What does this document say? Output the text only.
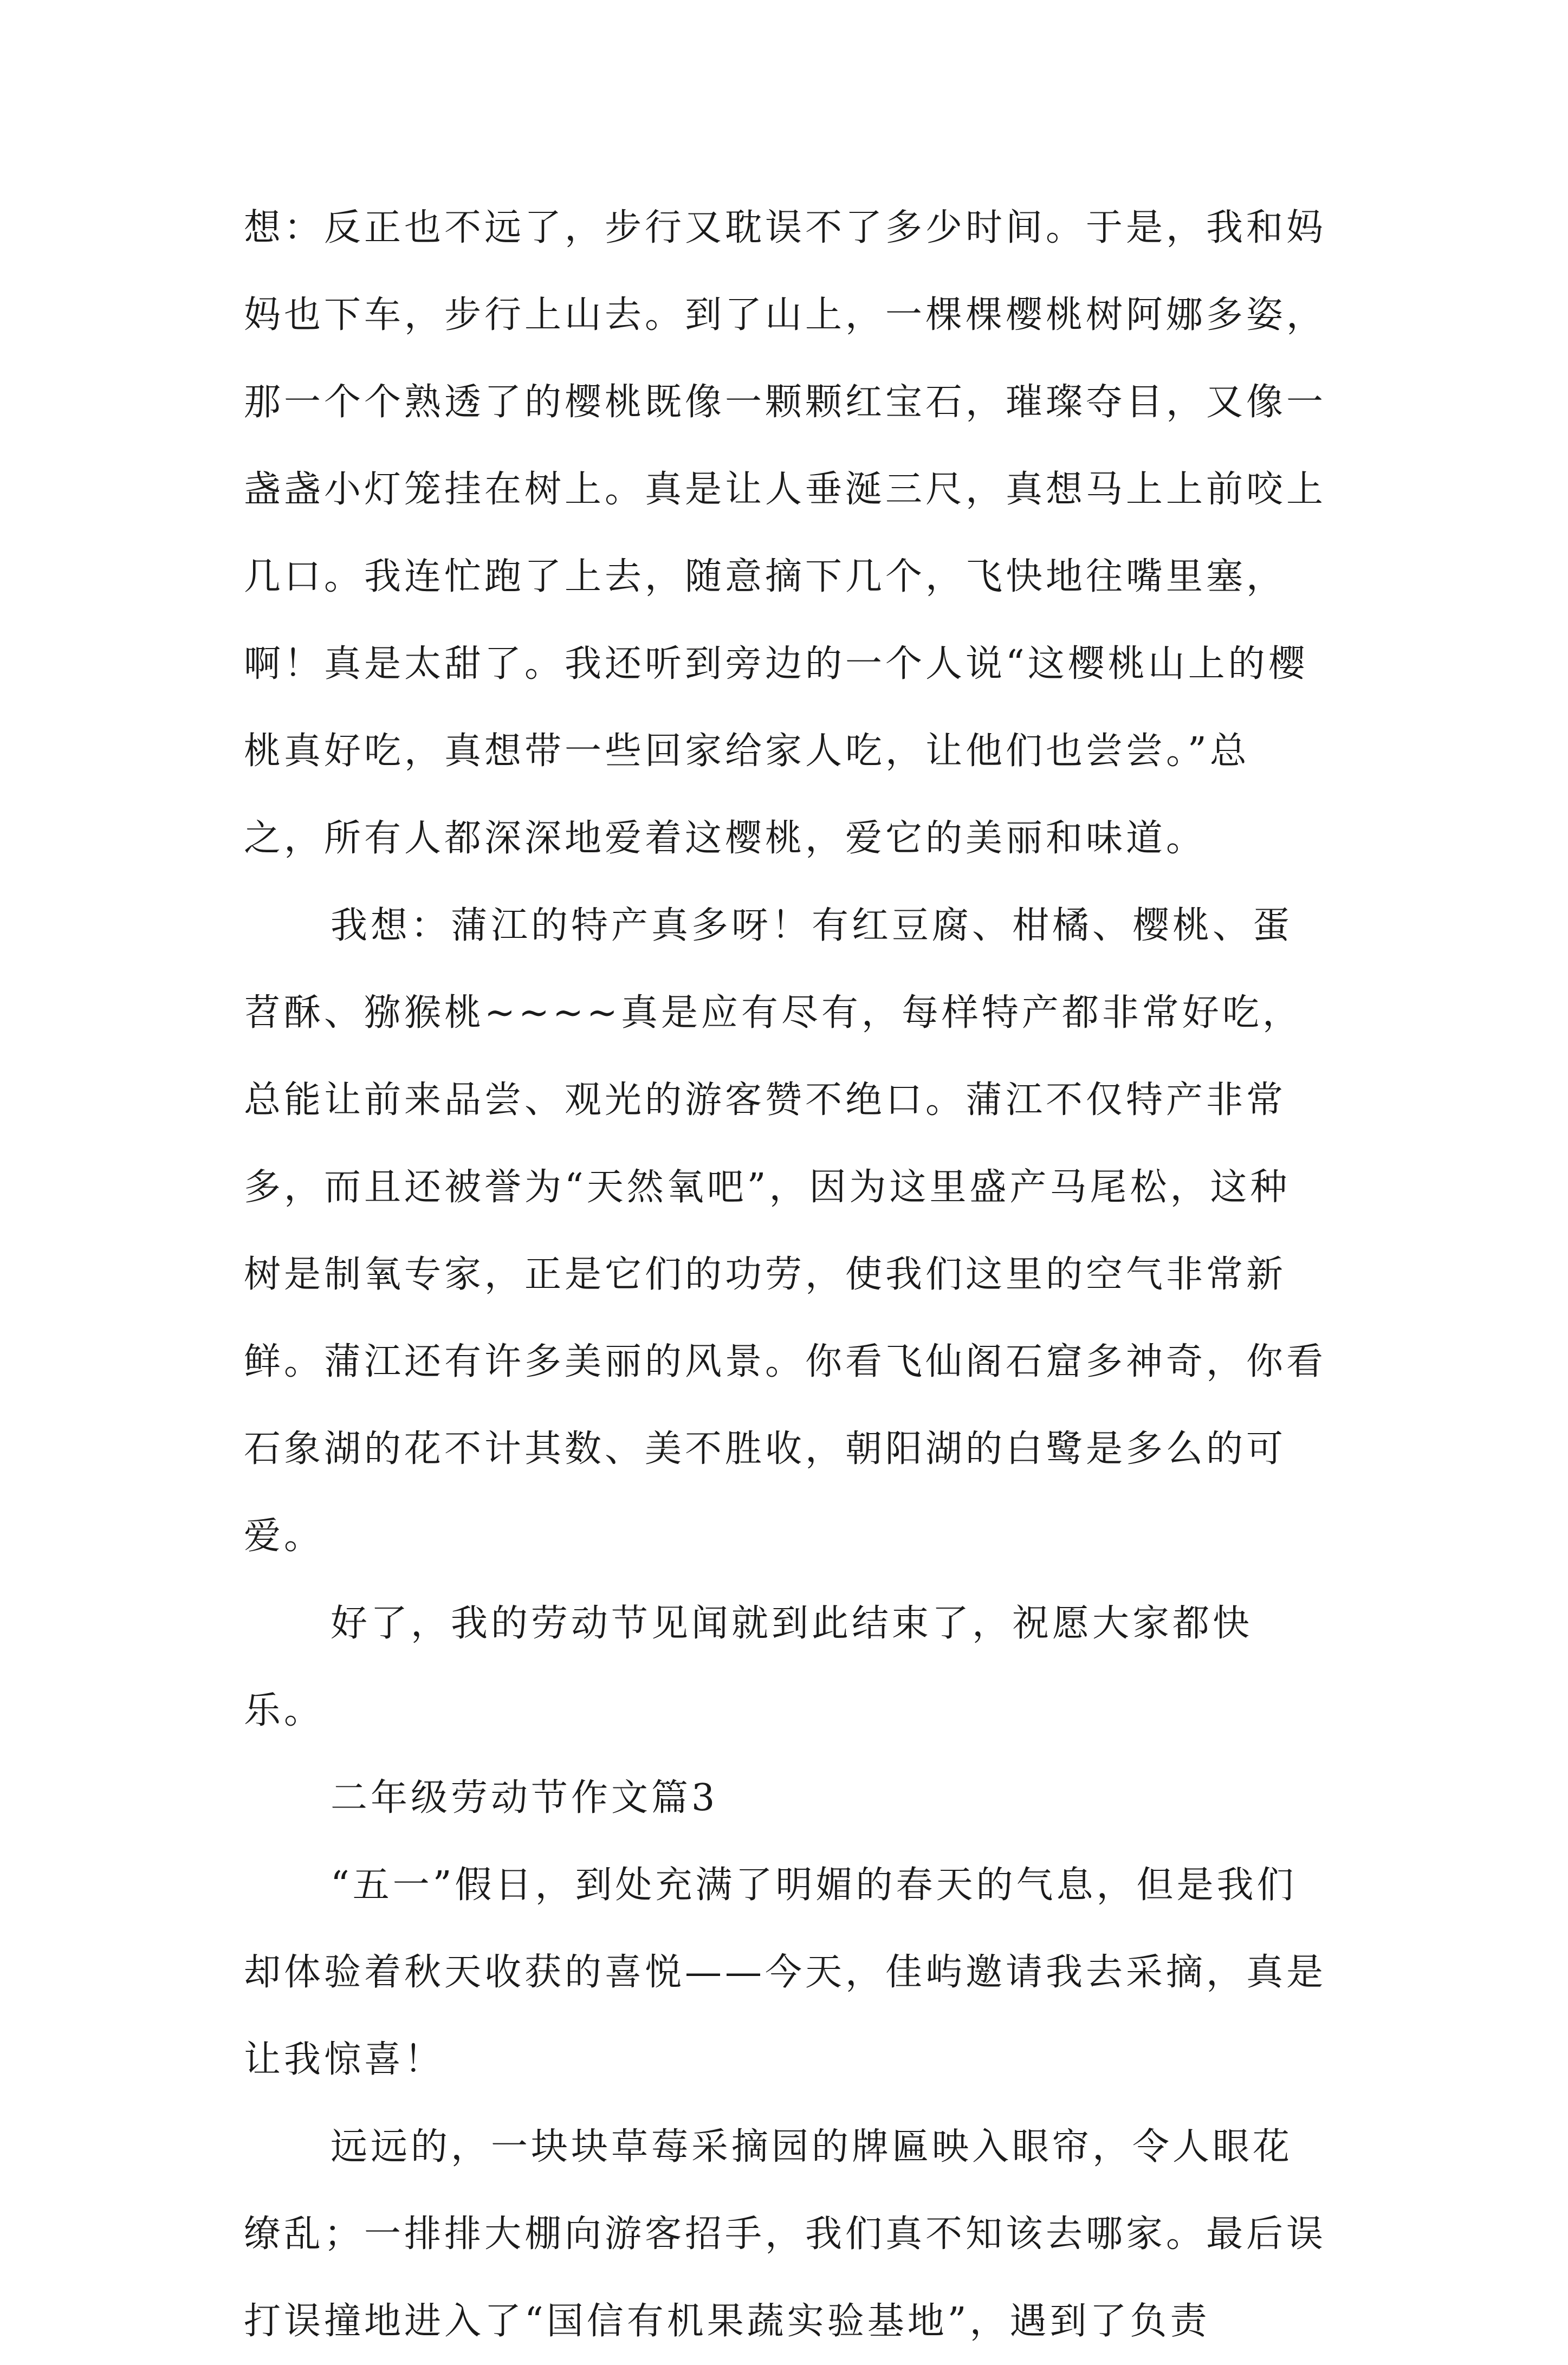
想：反正也不远了，步行又耽误不了多少时间。于是，我和妈妈也下车，步行上山去。到了山上，一棵棵樱桃树阿娜多姿，那一个个熟透了的樱桃既像一颗颗红宝石，璀璨夺目，又像一盏盏小灯笼挂在树上。真是让人垂涎三尺，真想马上上前咬上几口。我连忙跑了上去，随意摘下几个，飞快地往嘴里塞，啊！真是太甜了。我还听到旁边的一个人说“这樱桃山上的樱桃真好吃，真想带一些回家给家人吃，让他们也尝尝。”总之，所有人都深深地爱着这樱桃，爱它的美丽和味道。

我想：蒲江的特产真多呀！有红豆腐、柑橘、樱桃、蛋苕酥、猕猴桃~~~~真是应有尽有，每样特产都非常好吃，总能让前来品尝、观光的游客赞不绝口。蒲江不仅特产非常多，而且还被誉为“天然氧吧”，因为这里盛产马尾松，这种树是制氧专家，正是它们的功劳，使我们这里的空气非常新鲜。蒲江还有许多美丽的风景。你看飞仙阁石窟多神奇，你看石象湖的花不计其数、美不胜收，朝阳湖的白鹭是多么的可爱。

好了，我的劳动节见闻就到此结束了，祝愿大家都快乐。

二年级劳动节作文篇3

“五一”假日，到处充满了明媚的春天的气息，但是我们却体验着秋天收获的喜悦——今天，佳屿邀请我去采摘，真是让我惊喜！

远远的，一块块草莓采摘园的牌匾映入眼帘，令人眼花缭乱；一排排大棚向游客招手，我们真不知该去哪家。最后误打误撞地进入了“国信有机果蔬实验基地”，遇到了负责
